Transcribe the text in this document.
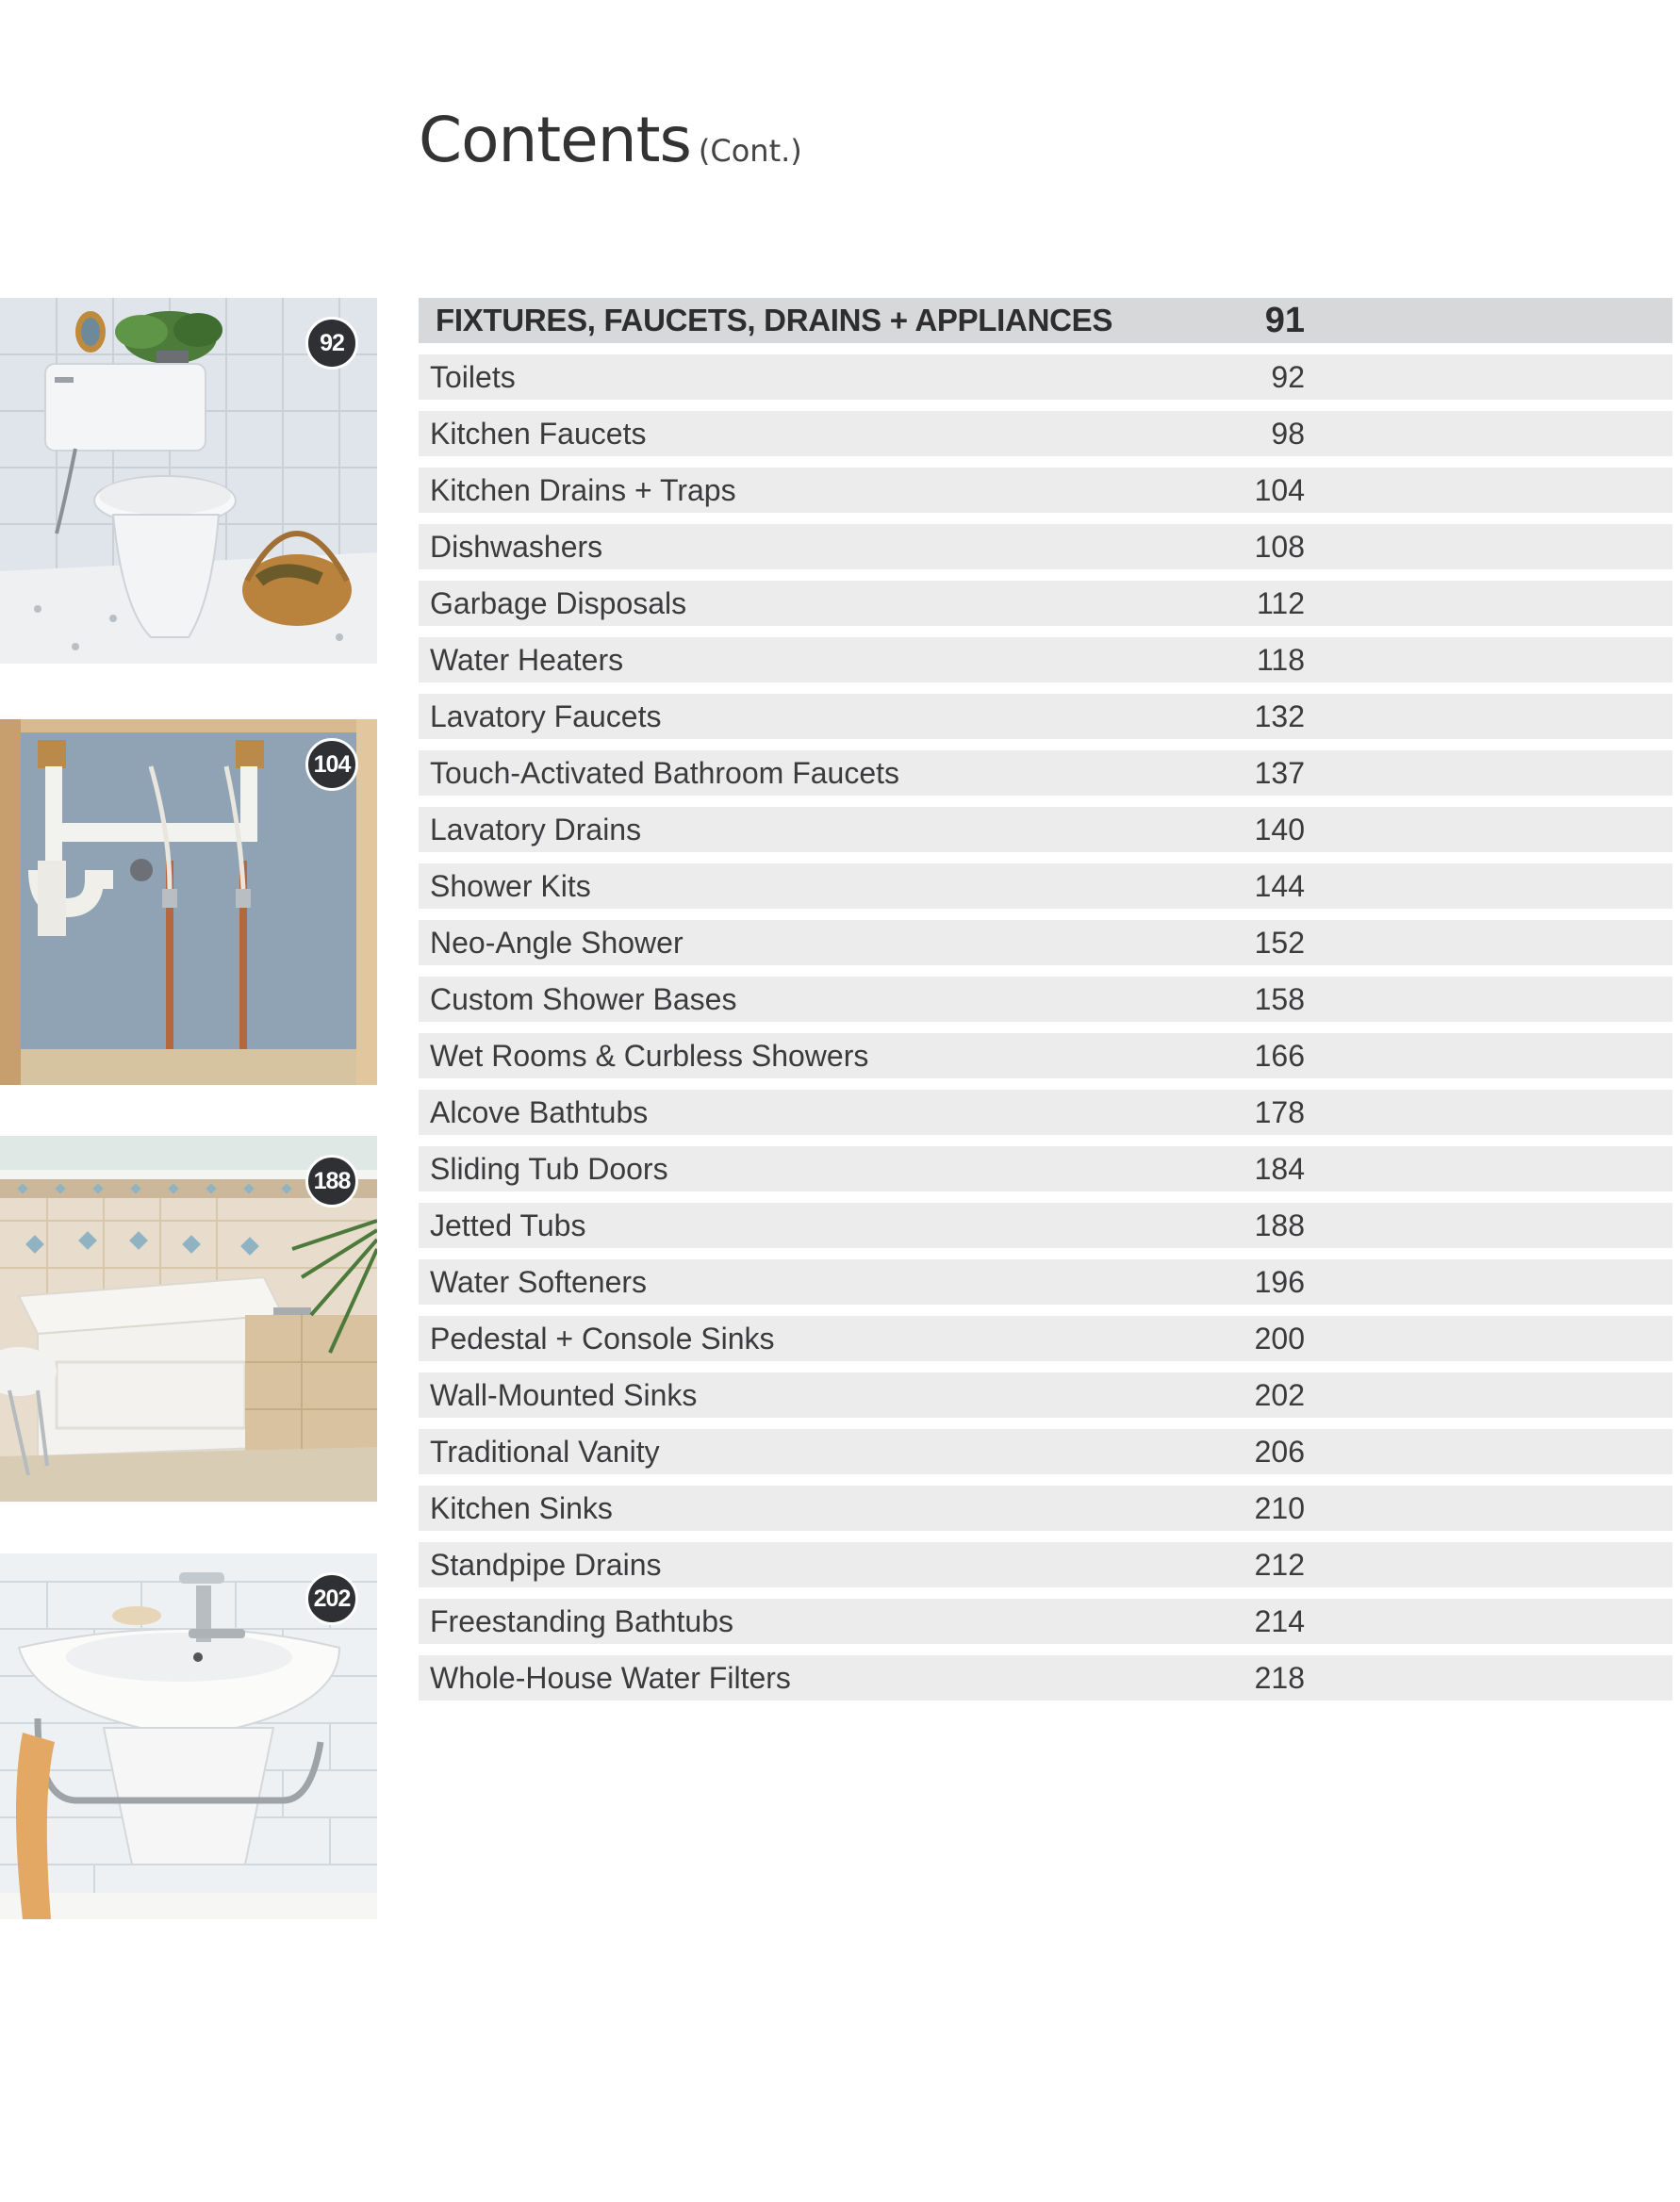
Contents (Cont.)
92
104
188
202
FIXTURES, FAUCETS, DRAINS + APPLIANCES	91
Toilets	92
Kitchen Faucets	98
Kitchen Drains + Traps	104
Dishwashers	108
Garbage Disposals	112
Water Heaters	118
Lavatory Faucets	132
Touch-Activated Bathroom Faucets	137
Lavatory Drains	140
Shower Kits	144
Neo-Angle Shower	152
Custom Shower Bases	158
Wet Rooms & Curbless Showers	166
Alcove Bathtubs	178
Sliding Tub Doors	184
Jetted Tubs	188
Water Softeners	196
Pedestal + Console Sinks	200
Wall-Mounted Sinks	202
Traditional Vanity	206
Kitchen Sinks	210
Standpipe Drains	212
Freestanding Bathtubs	214
Whole-House Water Filters	218
